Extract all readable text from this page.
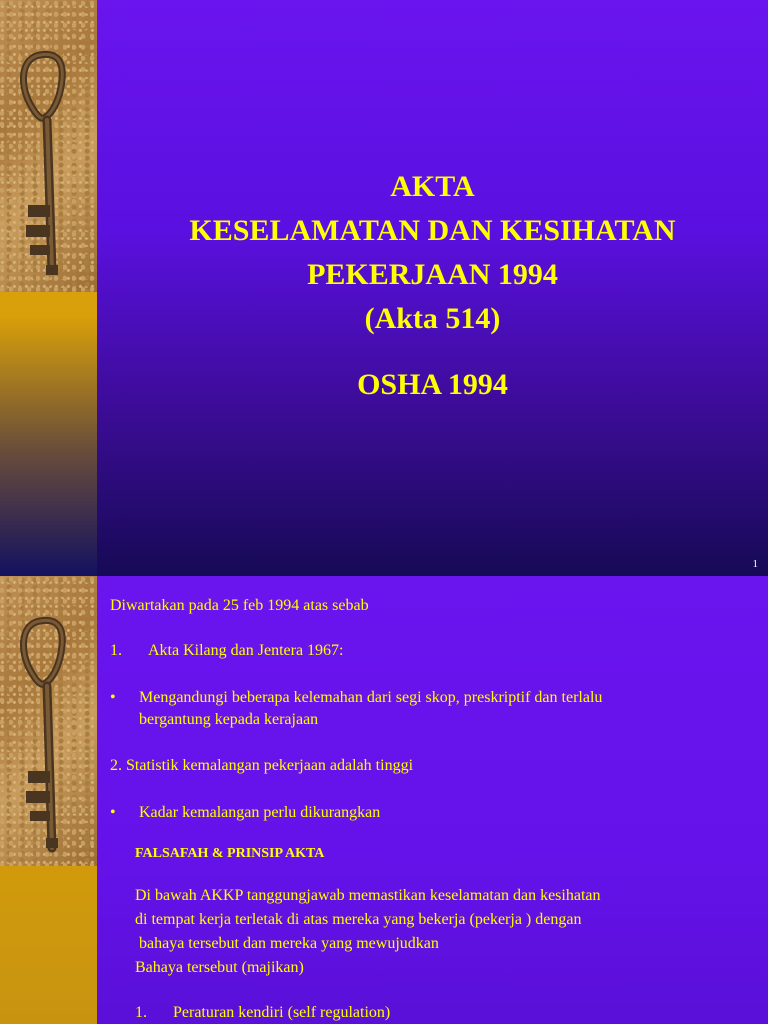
AKTA
KESELAMATAN DAN KESIHATAN
PEKERJAAN 1994
(Akta 514)
OSHA 1994
1

Diwartakan pada 25 feb 1994 atas sebab

1. Akta Kilang dan Jentera 1967:

• Mengandungi beberapa kelemahan dari segi skop, preskriptif dan terlalu

bergantung kepada kerajaan

2. Statistik kemalangan pekerjaan adalah tinggi

• Kadar kemalangan perlu dikurangkan

FALSAFAH & PRINSIP AKTA

Di bawah AKKP tanggungjawab memastikan keselamatan dan kesihatan

di tempat kerja terletak di atas mereka yang bekerja (pekerja ) dengan

bahaya tersebut dan mereka yang mewujudkan

Bahaya tersebut (majikan)

1. Peraturan kendiri (self regulation)
